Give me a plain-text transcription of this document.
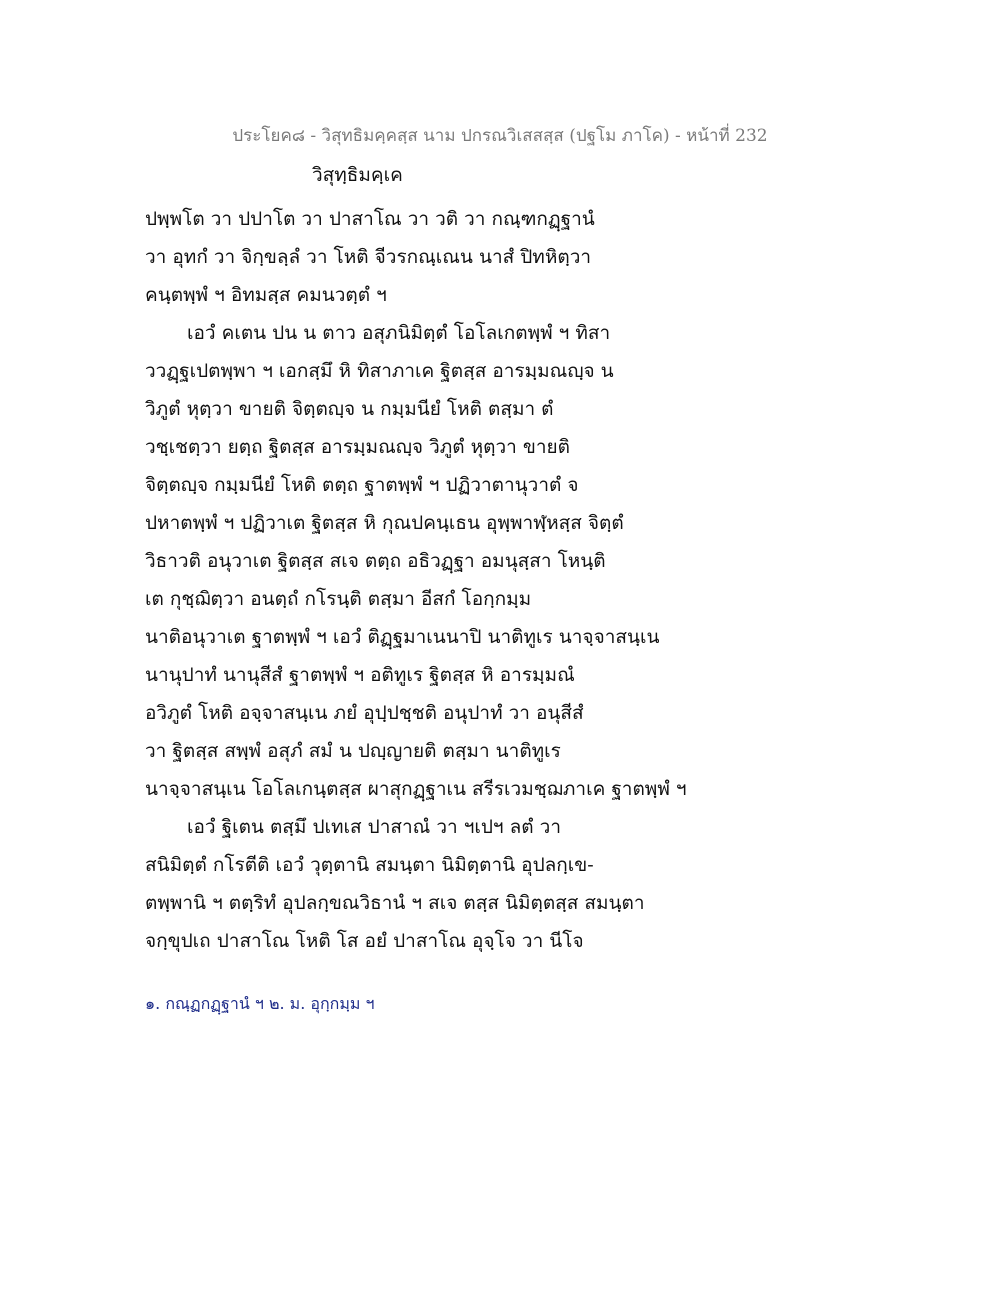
ประโยค๘ - วิสุทธิมคฺคสฺส นาม ปกรณวิเสสสฺส (ปฐโม ภาโค) - หน้าที่ 232
วิสุทฺธิมคฺเค
ปพฺพโต วา ปปาโต วา ปาสาโณ วา วติ วา กณฺฑกฏฺฐานํ
วา อุทกํ วา จิกฺขลฺลํ วา โหติ จีวรกณฺเณน นาสํ ปิทหิตฺวา
คนฺตพฺพํ ฯ อิทมสฺส คมนวตฺตํ ฯ
เอวํ คเตน ปน น ตาว อสุภนิมิตฺตํ โอโลเกตพฺพํ ฯ ทิสา
ววฏฺฐเปตพฺพา ฯ เอกสฺมึ หิ ทิสาภาเค ฐิตสฺส อารมฺมณญฺจ น
วิภูตํ หุตฺวา ขายติ จิตฺตญฺจ น กมฺมนียํ โหติ ตสฺมา ตํ
วชฺเชตฺวา ยตฺถ ฐิตสฺส อารมฺมณญฺจ วิภูตํ หุตฺวา ขายติ
จิตฺตญฺจ กมฺมนียํ โหติ ตตฺถ ฐาตพฺพํ ฯ ปฏิวาตานุวาตํ จ
ปหาตพฺพํ ฯ ปฏิวาเต ฐิตสฺส หิ กุณปคนฺเธน อุพฺพาฬฺหสฺส จิตฺตํ
วิธาวติ อนุวาเต ฐิตสฺส สเจ ตตฺถ อธิวฏฺฐา อมนุสฺสา โหนฺติ
เต กุชฺฌิตฺวา อนตฺถํ กโรนฺติ ตสฺมา อีสกํ โอกฺกมฺม
นาติอนุวาเต ฐาตพฺพํ ฯ เอวํ ติฏฺฐมาเนนาปิ นาติทูเร นาจฺจาสนฺเน
นานุปาทํ นานุสีสํ ฐาตพฺพํ ฯ อติทูเร ฐิตสฺส หิ อารมฺมณํ
อวิภูตํ โหติ อจฺจาสนฺเน ภยํ อุปฺปชฺชติ อนุปาทํ วา อนุสีสํ
วา ฐิตสฺส สพฺพํ อสุภํ สมํ น ปญฺญายติ ตสฺมา นาติทูเร
นาจฺจาสนฺเน โอโลเกนฺตสฺส ผาสุกฏฺฐาเน สรีรเวมชฺฌภาเค ฐาตพฺพํ ฯ
เอวํ ฐิเตน ตสฺมึ ปเทเส ปาสาณํ วา ฯเปฯ ลตํ วา
สนิมิตฺตํ กโรตีติ เอวํ วุตฺตานิ สมนฺตา นิมิตฺตานิ อุปลกฺเข-
ตพฺพานิ ฯ ตตฺริทํ อุปลกฺขณวิธานํ ฯ สเจ ตสฺส นิมิตฺตสฺส สมนฺตา
จกฺขุปเถ ปาสาโณ โหติ โส อยํ ปาสาโณ อุจฺโจ วา นีโจ
๑. กณฺฏกฏฺฐานํ ฯ ๒. ม. อุกฺกมฺม ฯ
